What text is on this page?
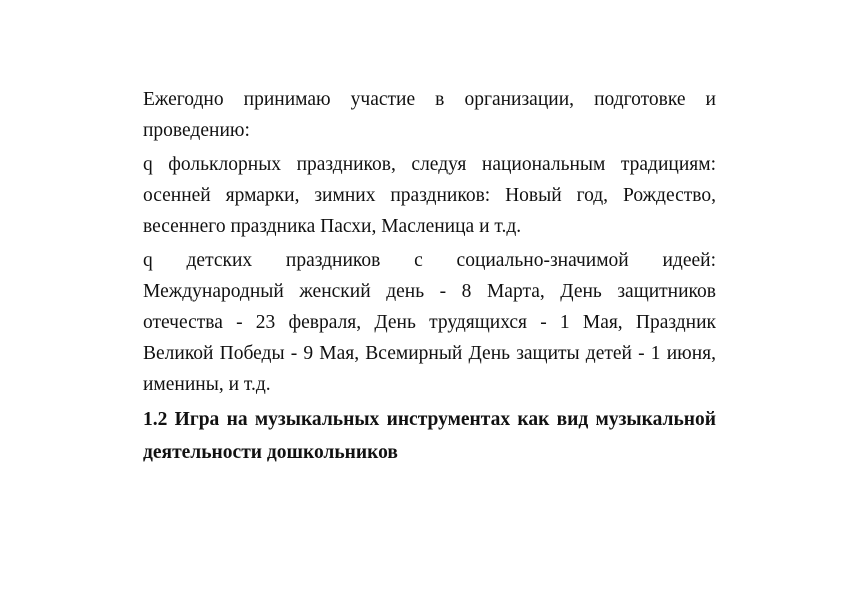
Ежегодно принимаю участие в организации, подготовке и проведению:

q фольклорных праздников, следуя национальным традициям: осенней ярмарки, зимних праздников: Новый год, Рождество, весеннего праздника Пасхи, Масленица и т.д.

q детских праздников с социально-значимой идеей: Международный женский день - 8 Марта, День защитников отечества - 23 февраля, День трудящихся - 1 Мая, Праздник Великой Победы - 9 Мая, Всемирный День защиты детей - 1 июня, именины, и т.д.

1.2 Игра на музыкальных инструментах как вид музыкальной деятельности дошкольников
